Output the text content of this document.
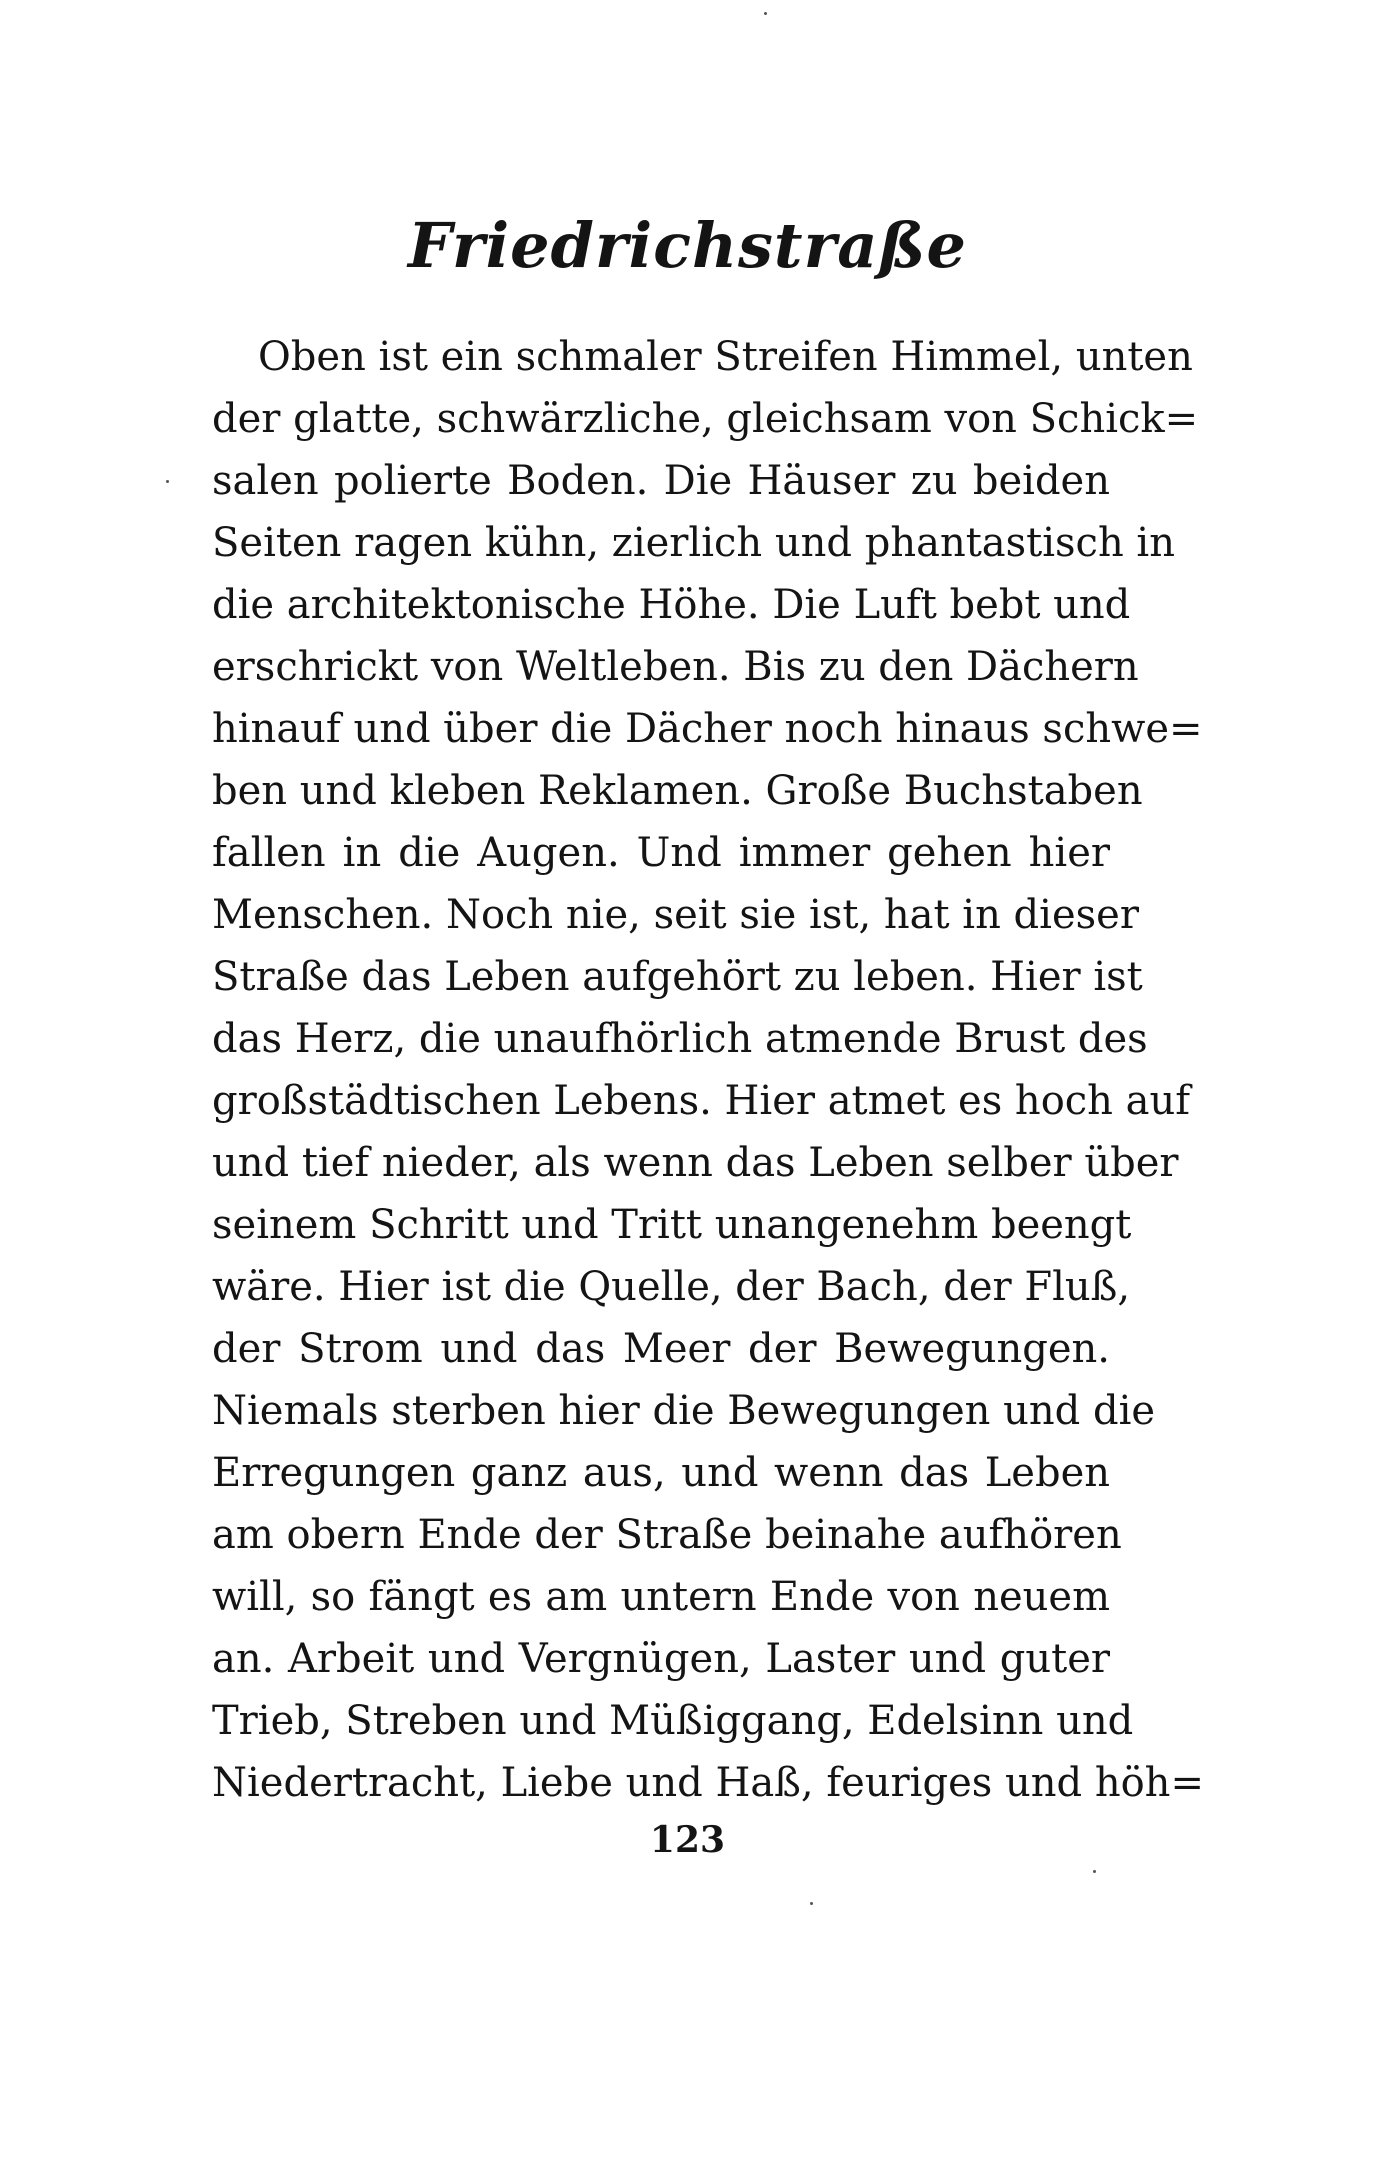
Friedrichstraße
Oben ist ein schmaler Streifen Himmel, unten
der glatte, schwärzliche, gleichsam von Schick=
salen polierte Boden. Die Häuser zu beiden
Seiten ragen kühn, zierlich und phantastisch in
die architektonische Höhe. Die Luft bebt und
erschrickt von Weltleben. Bis zu den Dächern
hinauf und über die Dächer noch hinaus schwe=
ben und kleben Reklamen. Große Buchstaben
fallen in die Augen. Und immer gehen hier
Menschen. Noch nie, seit sie ist, hat in dieser
Straße das Leben aufgehört zu leben. Hier ist
das Herz, die unaufhörlich atmende Brust des
großstädtischen Lebens. Hier atmet es hoch auf
und tief nieder, als wenn das Leben selber über
seinem Schritt und Tritt unangenehm beengt
wäre. Hier ist die Quelle, der Bach, der Fluß,
der Strom und das Meer der Bewegungen.
Niemals sterben hier die Bewegungen und die
Erregungen ganz aus, und wenn das Leben
am obern Ende der Straße beinahe aufhören
will, so fängt es am untern Ende von neuem
an. Arbeit und Vergnügen, Laster und guter
Trieb, Streben und Müßiggang, Edelsinn und
Niedertracht, Liebe und Haß, feuriges und höh=
123
